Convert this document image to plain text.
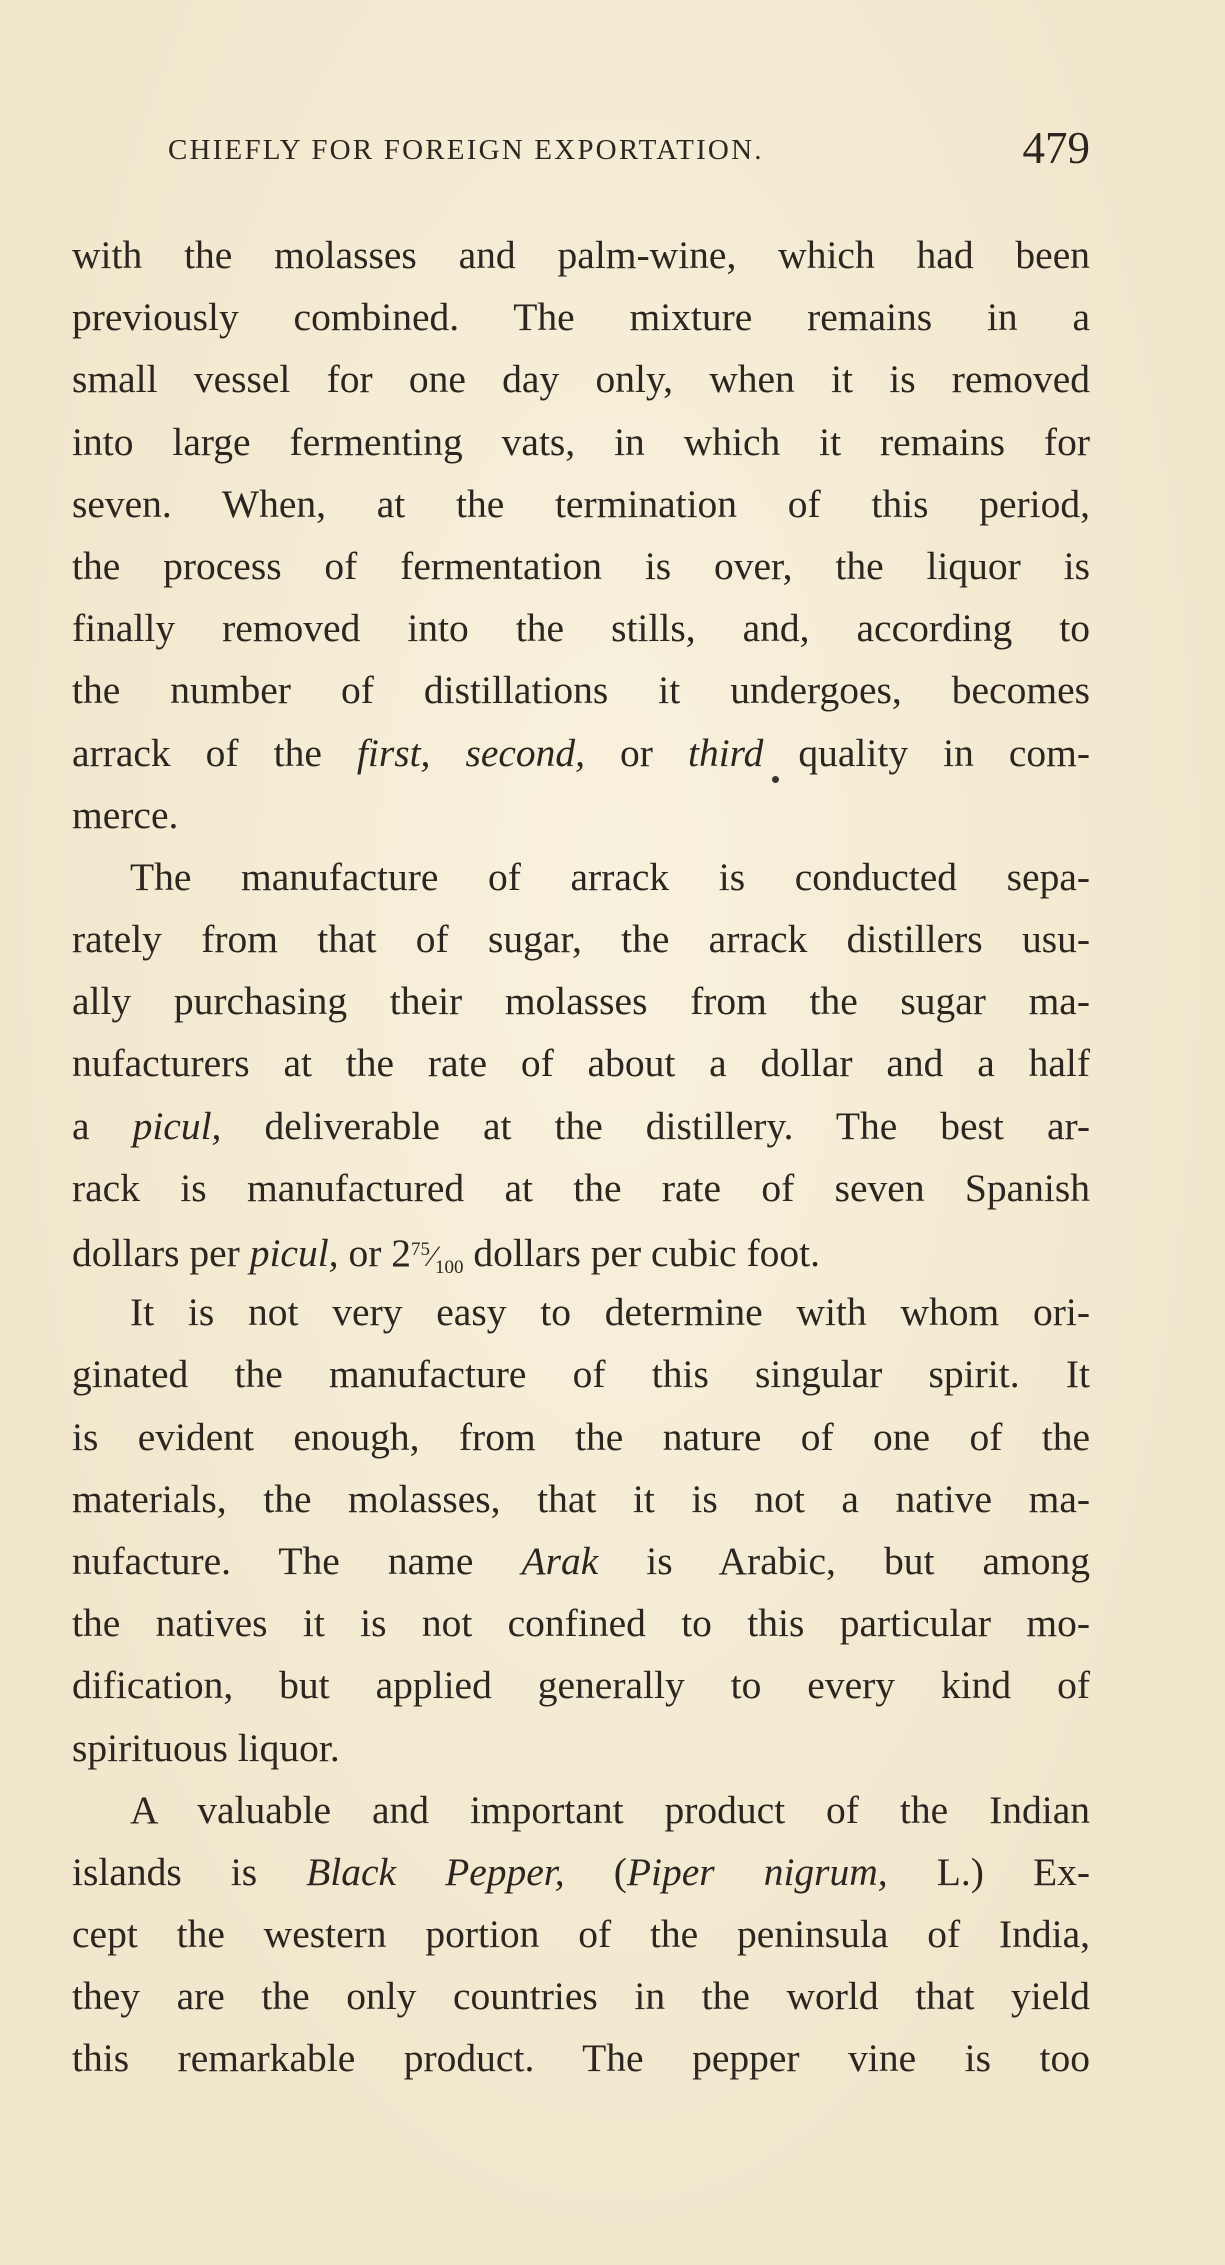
CHIEFLY FOR FOREIGN EXPORTATION.	479
with the molasses and palm-wine, which had been
previously combined. The mixture remains in a
small vessel for one day only, when it is removed
into large fermenting vats, in which it remains for
seven. When, at the termination of this period,
the process of fermentation is over, the liquor is
finally removed into the stills, and, according to
the number of distillations it undergoes, becomes
arrack of the first, second, or third quality in com-
merce.
The manufacture of arrack is conducted sepa-
rately from that of sugar, the arrack distillers usu-
ally purchasing their molasses from the sugar ma-
nufacturers at the rate of about a dollar and a half
a picul, deliverable at the distillery. The best ar-
rack is manufactured at the rate of seven Spanish
dollars per picul, or $2^{75}⁄_{100}$ dollars per cubic foot.
It is not very easy to determine with whom ori-
ginated the manufacture of this singular spirit. It
is evident enough, from the nature of one of the
materials, the molasses, that it is not a native ma-
nufacture. The name Arak is Arabic, but among
the natives it is not confined to this particular mo-
dification, but applied generally to every kind of
spirituous liquor.
A valuable and important product of the Indian
islands is Black Pepper, (Piper nigrum, L.) Ex-
cept the western portion of the peninsula of India,
they are the only countries in the world that yield
this remarkable product. The pepper vine is too
